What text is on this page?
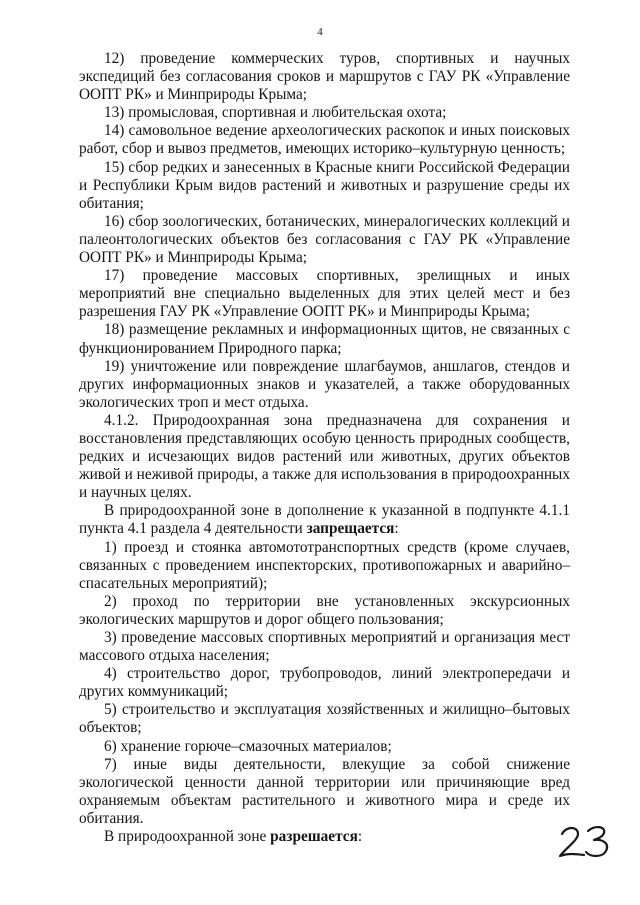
4

12) проведение коммерческих туров, спортивных и научных экспедиций без согласования сроков и маршрутов с ГАУ РК «Управление ООПТ РК» и Минприроды Крыма;

13) промысловая, спортивная и любительская охота;

14) самовольное ведение археологических раскопок и иных поисковых работ, сбор и вывоз предметов, имеющих историко–культурную ценность;

15) сбор редких и занесенных в Красные книги Российской Федерации и Республики Крым видов растений и животных и разрушение среды их обитания;

16) сбор зоологических, ботанических, минералогических коллекций и палеонтологических объектов без согласования с ГАУ РК «Управление ООПТ РК» и Минприроды Крыма;

17) проведение массовых спортивных, зрелищных и иных мероприятий вне специально выделенных для этих целей мест и без разрешения ГАУ РК «Управление ООПТ РК» и Минприроды Крыма;

18) размещение рекламных и информационных щитов, не связанных с функционированием Природного парка;

19) уничтожение или повреждение шлагбаумов, аншлагов, стендов и других информационных знаков и указателей, а также оборудованных экологических троп и мест отдыха.

4.1.2. Природоохранная зона предназначена для сохранения и восстановления представляющих особую ценность природных сообществ, редких и исчезающих видов растений или животных, других объектов живой и неживой природы, а также для использования в природоохранных и научных целях.

В природоохранной зоне в дополнение к указанной в подпункте 4.1.1 пункта 4.1 раздела 4 деятельности запрещается:

1) проезд и стоянка автомототранспортных средств (кроме случаев, связанных с проведением инспекторских, противопожарных и аварийно–спасательных мероприятий);

2) проход по территории вне установленных экскурсионных экологических маршрутов и дорог общего пользования;

3) проведение массовых спортивных мероприятий и организация мест массового отдыха населения;

4) строительство дорог, трубопроводов, линий электропередачи и других коммуникаций;

5) строительство и эксплуатация хозяйственных и жилищно–бытовых объектов;

6) хранение горюче–смазочных материалов;

7) иные виды деятельности, влекущие за собой снижение экологической ценности данной территории или причиняющие вред охраняемым объектам растительного и животного мира и среде их обитания.

В природоохранной зоне разрешается:
